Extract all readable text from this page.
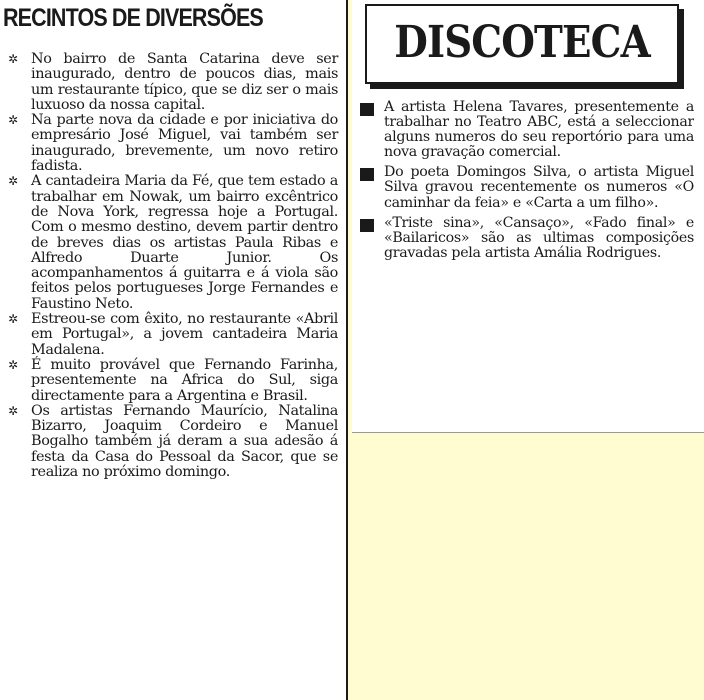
RECINTOS DE DIVERSÕES
✲ No bairro de Santa Catarina deve ser inaugurado, dentro de poucos dias, mais um restaurante típico, que se diz ser o mais luxuoso da nossa capital.
✲ Na parte nova da cidade e por iniciativa do empresário José Miguel, vai também ser inaugurado, brevemente, um novo retiro fadista.
✲ A cantadeira Maria da Fé, que tem estado a trabalhar em Nowak, um bairro excêntrico de Nova York, regressa hoje a Portugal. Com o mesmo destino, devem partir dentro de breves dias os artistas Paula Ribas e Alfredo Duarte Junior. Os acompanhamentos á guitarra e á viola são feitos pelos portugueses Jorge Fernandes e Faustino Neto.
✲ Estreou-se com êxito, no restaurante «Abril em Portugal», a jovem cantadeira Maria Madalena.
✲ É muito provável que Fernando Farinha, presentemente na Africa do Sul, siga directamente para a Argentina e Brasil.
✲ Os artistas Fernando Maurício, Natalina Bizarro, Joaquim Cordeiro e Manuel Bogalho também já deram a sua adesão á festa da Casa do Pessoal da Sacor, que se realiza no próximo domingo.
DISCOTECA
A artista Helena Tavares, presentemente a trabalhar no Teatro ABC, está a seleccionar alguns numeros do seu reportório para uma nova gravação comercial.
Do poeta Domingos Silva, o artista Miguel Silva gravou recentemente os numeros «O caminhar da feia» e «Carta a um filho».
«Triste sina», «Cansaço», «Fado final» e «Bailaricos» são as ultimas composições gravadas pela artista Amália Rodrigues.
